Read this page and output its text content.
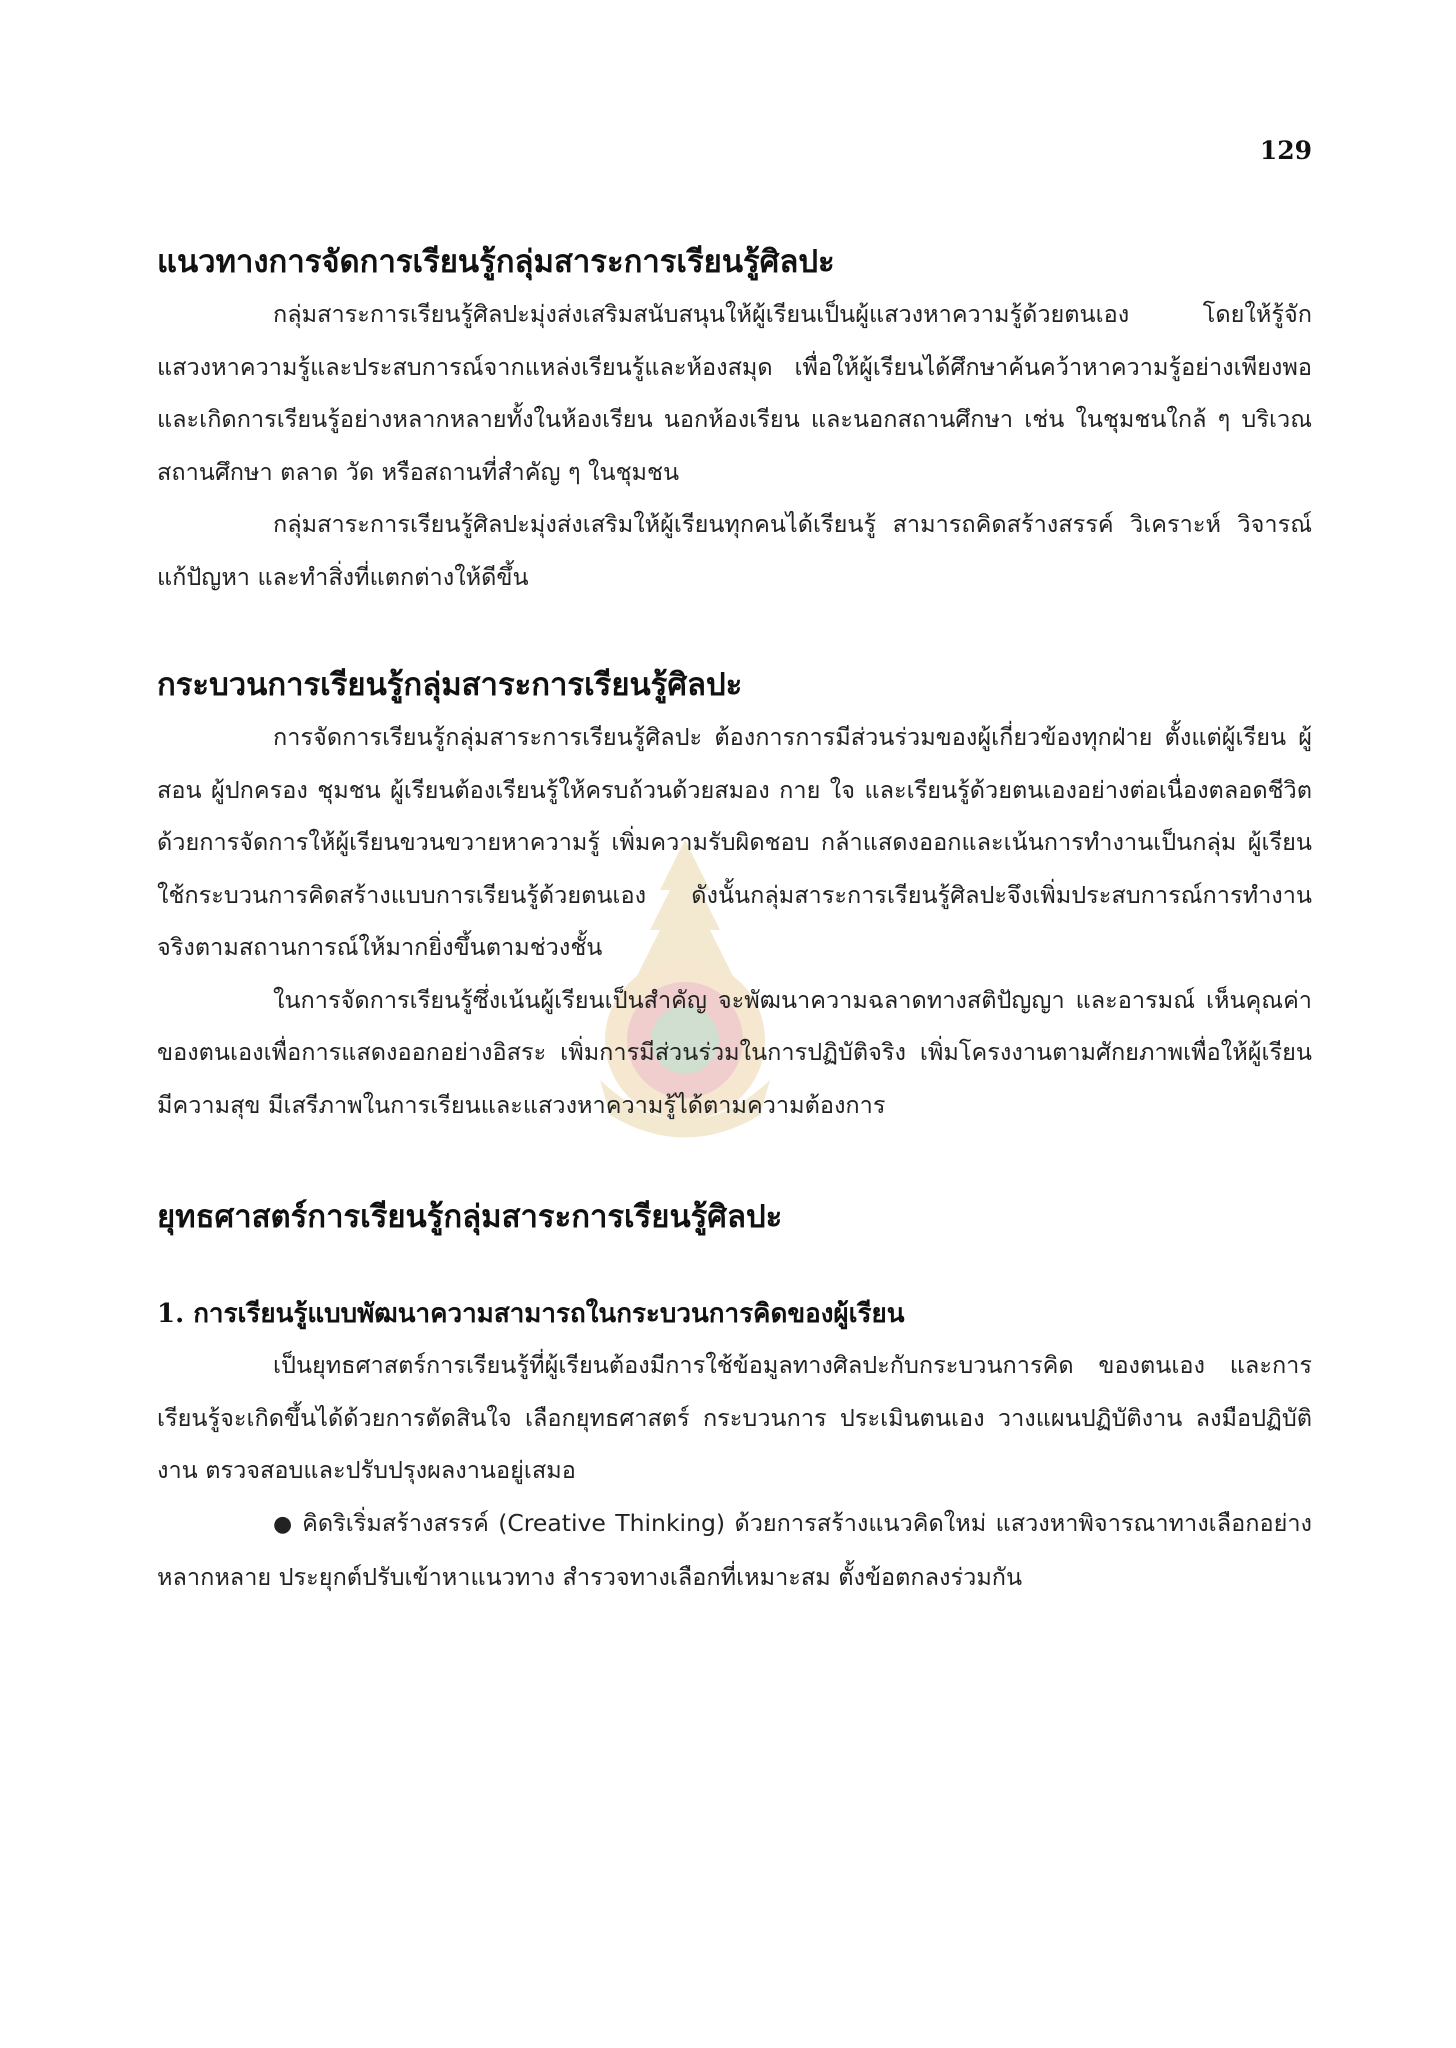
129
แนวทางการจัดการเรียนรู้กลุ่มสาระการเรียนรู้ศิลปะ

กลุ่มสาระการเรียนรู้ศิลปะมุ่งส่งเสริมสนับสนุนให้ผู้เรียนเป็นผู้แสวงหาความรู้ด้วยตนเอง โดยให้รู้จักแสวงหาความรู้และประสบการณ์จากแหล่งเรียนรู้และห้องสมุด เพื่อให้ผู้เรียนได้ศึกษาค้นคว้าหาความรู้อย่างเพียงพอ และเกิดการเรียนรู้อย่างหลากหลายทั้งในห้องเรียน นอกห้องเรียน และนอกสถานศึกษา เช่น ในชุมชนใกล้ ๆ บริเวณสถานศึกษา ตลาด วัด หรือสถานที่สำคัญ ๆ ในชุมชน

กลุ่มสาระการเรียนรู้ศิลปะมุ่งส่งเสริมให้ผู้เรียนทุกคนได้เรียนรู้ สามารถคิดสร้างสรรค์ วิเคราะห์ วิจารณ์ แก้ปัญหา และทำสิ่งที่แตกต่างให้ดีขึ้น

กระบวนการเรียนรู้กลุ่มสาระการเรียนรู้ศิลปะ

การจัดการเรียนรู้กลุ่มสาระการเรียนรู้ศิลปะ ต้องการการมีส่วนร่วมของผู้เกี่ยวข้องทุกฝ่าย ตั้งแต่ผู้เรียน ผู้สอน ผู้ปกครอง ชุมชน ผู้เรียนต้องเรียนรู้ให้ครบถ้วนด้วยสมอง กาย ใจ และเรียนรู้ด้วยตนเองอย่างต่อเนื่องตลอดชีวิตด้วยการจัดการให้ผู้เรียนขวนขวายหาความรู้ เพิ่มความรับผิดชอบ กล้าแสดงออกและเน้นการทำงานเป็นกลุ่ม ผู้เรียนใช้กระบวนการคิดสร้างแบบการเรียนรู้ด้วยตนเอง ดังนั้นกลุ่มสาระการเรียนรู้ศิลปะจึงเพิ่มประสบการณ์การทำงานจริงตามสถานการณ์ให้มากยิ่งขึ้นตามช่วงชั้น

ในการจัดการเรียนรู้ซึ่งเน้นผู้เรียนเป็นสำคัญ จะพัฒนาความฉลาดทางสติปัญญา และอารมณ์ เห็นคุณค่าของตนเองเพื่อการแสดงออกอย่างอิสระ เพิ่มการมีส่วนร่วมในการปฏิบัติจริง เพิ่มโครงงานตามศักยภาพเพื่อให้ผู้เรียนมีความสุข มีเสรีภาพในการเรียนและแสวงหาความรู้ได้ตามความต้องการ

ยุทธศาสตร์การเรียนรู้กลุ่มสาระการเรียนรู้ศิลปะ
1. การเรียนรู้แบบพัฒนาความสามารถในกระบวนการคิดของผู้เรียน

เป็นยุทธศาสตร์การเรียนรู้ที่ผู้เรียนต้องมีการใช้ข้อมูลทางศิลปะกับกระบวนการคิด ของตนเอง และการเรียนรู้จะเกิดขึ้นได้ด้วยการตัดสินใจ เลือกยุทธศาสตร์ กระบวนการ ประเมินตนเอง วางแผนปฏิบัติงาน ลงมือปฏิบัติงาน ตรวจสอบและปรับปรุงผลงานอยู่เสมอ

● คิดริเริ่มสร้างสรรค์ (Creative Thinking) ด้วยการสร้างแนวคิดใหม่ แสวงหาพิจารณาทางเลือกอย่างหลากหลาย ประยุกต์ปรับเข้าหาแนวทาง สำรวจทางเลือกที่เหมาะสม ตั้งข้อตกลงร่วมกัน
